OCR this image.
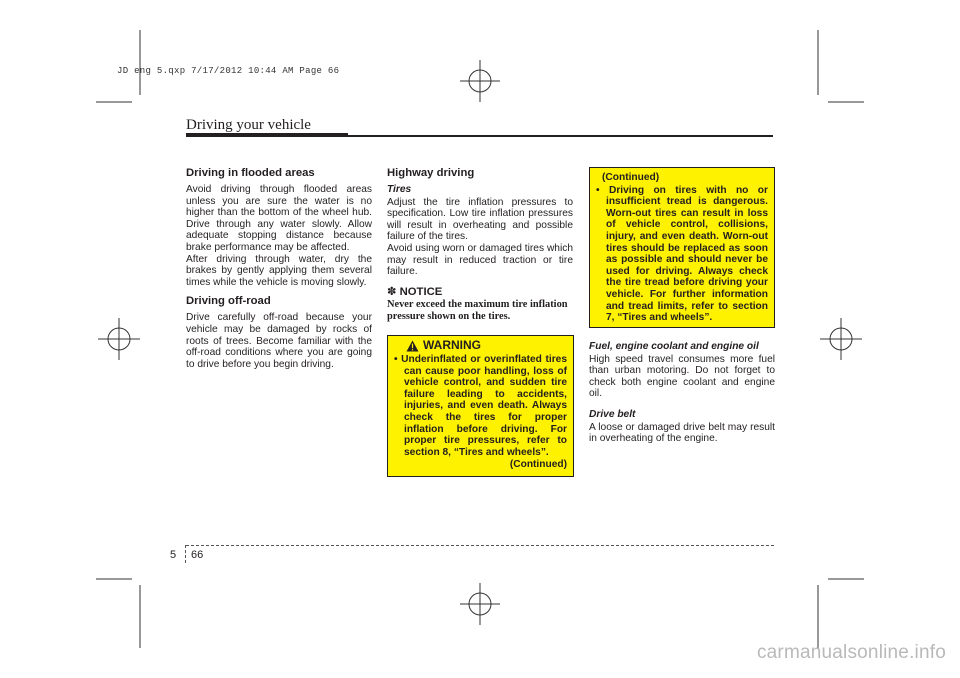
JD eng 5.qxp 7/17/2012 10:44 AM Page 66
Driving your vehicle
Driving in flooded areas

Avoid driving through flooded areas unless you are sure the water is no higher than the bottom of the wheel hub. Drive through any water slowly. Allow adequate stopping distance because brake performance may be affected.

After driving through water, dry the brakes by gently applying them several times while the vehicle is moving slowly.

Driving off-road

Drive carefully off-road because your vehicle may be damaged by rocks of roots of trees. Become familiar with the off-road conditions where you are going to drive before you begin driving.

Highway driving
Tires

Adjust the tire inflation pressures to specification. Low tire inflation pressures will result in overheating and possible failure of the tires.

Avoid using worn or damaged tires which may result in reduced traction or tire failure.

✽ NOTICE

Never exceed the maximum tire inflation pressure shown on the tires.

WARNING
• Underinflated or overinflated tires can cause poor handling, loss of vehicle control, and sudden tire failure leading to accidents, injuries, and even death. Always check the tires for proper inflation before driving. For proper tire pressures, refer to section 8, “Tires and wheels”.
(Continued)
(Continued)
• Driving on tires with no or insufficient tread is dangerous. Worn-out tires can result in loss of vehicle control, collisions, injury, and even death. Worn-out tires should be replaced as soon as possible and should never be used for driving. Always check the tire tread before driving your vehicle. For further information and tread limits, refer to section 7, “Tires and wheels”.
Fuel, engine coolant and engine oil

High speed travel consumes more fuel than urban motoring. Do not forget to check both engine coolant and engine oil.

Drive belt

A loose or damaged drive belt may result in overheating of the engine.

5 66
carmanualsonline.info
